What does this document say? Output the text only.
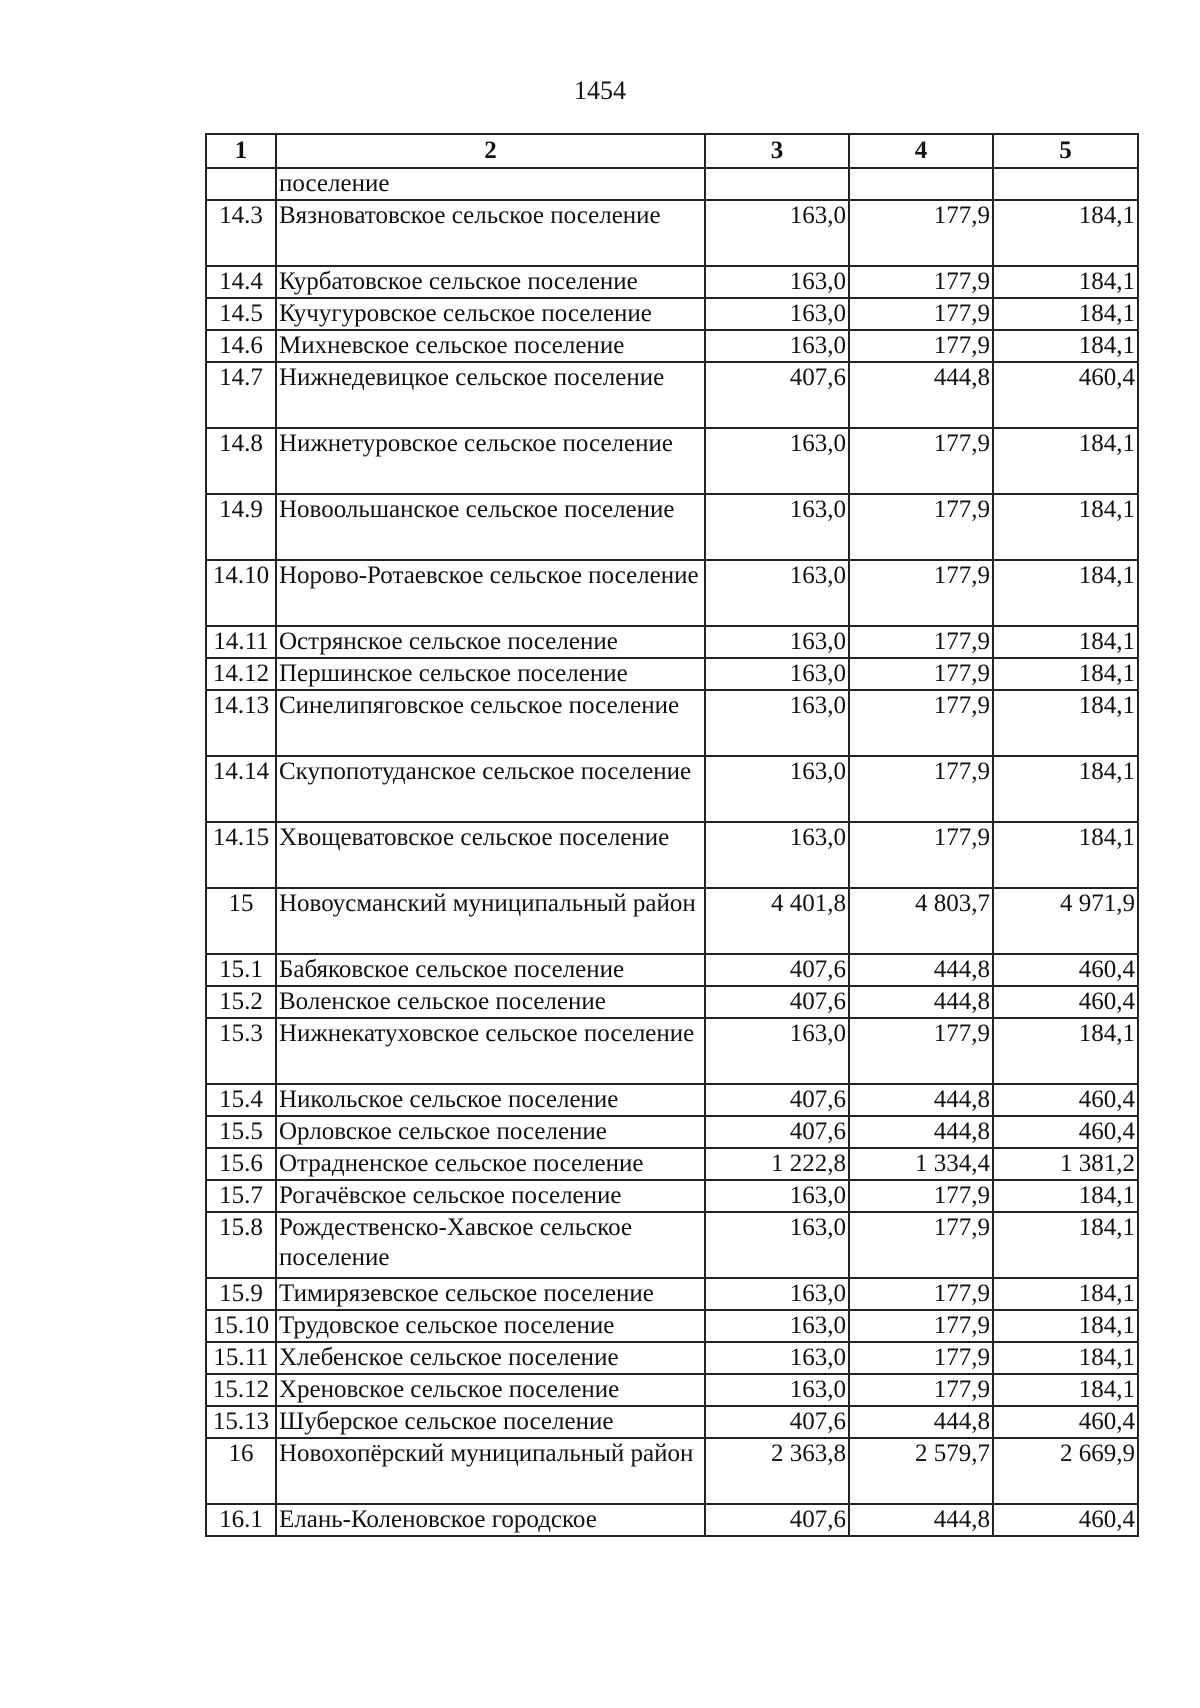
1454
1	2	3	4	5
	поселение			
14.3	Вязноватовское сельское поселение	163,0	177,9	184,1
14.4	Курбатовское сельское поселение	163,0	177,9	184,1
14.5	Кучугуровское сельское поселение	163,0	177,9	184,1
14.6	Михневское сельское поселение	163,0	177,9	184,1
14.7	Нижнедевицкое сельское поселение	407,6	444,8	460,4
14.8	Нижнетуровское сельское поселение	163,0	177,9	184,1
14.9	Новоольшанское сельское поселение	163,0	177,9	184,1
14.10	Норово-Ротаевское сельское поселение	163,0	177,9	184,1
14.11	Острянское сельское поселение	163,0	177,9	184,1
14.12	Першинское сельское поселение	163,0	177,9	184,1
14.13	Синелипяговское сельское поселение	163,0	177,9	184,1
14.14	Скупопотуданское сельское поселение	163,0	177,9	184,1
14.15	Хвощеватовское сельское поселение	163,0	177,9	184,1
15	Новоусманский муниципальный район	4 401,8	4 803,7	4 971,9
15.1	Бабяковское сельское поселение	407,6	444,8	460,4
15.2	Воленское сельское поселение	407,6	444,8	460,4
15.3	Нижнекатуховское сельское поселение	163,0	177,9	184,1
15.4	Никольское сельское поселение	407,6	444,8	460,4
15.5	Орловское сельское поселение	407,6	444,8	460,4
15.6	Отрадненское сельское поселение	1 222,8	1 334,4	1 381,2
15.7	Рогачёвское сельское поселение	163,0	177,9	184,1
15.8	Рождественско-Хавское сельское поселение	163,0	177,9	184,1
15.9	Тимирязевское сельское поселение	163,0	177,9	184,1
15.10	Трудовское сельское поселение	163,0	177,9	184,1
15.11	Хлебенское сельское поселение	163,0	177,9	184,1
15.12	Хреновское сельское поселение	163,0	177,9	184,1
15.13	Шуберское сельское поселение	407,6	444,8	460,4
16	Новохопёрский муниципальный район	2 363,8	2 579,7	2 669,9
16.1	Елань-Коленовское городское	407,6	444,8	460,4
